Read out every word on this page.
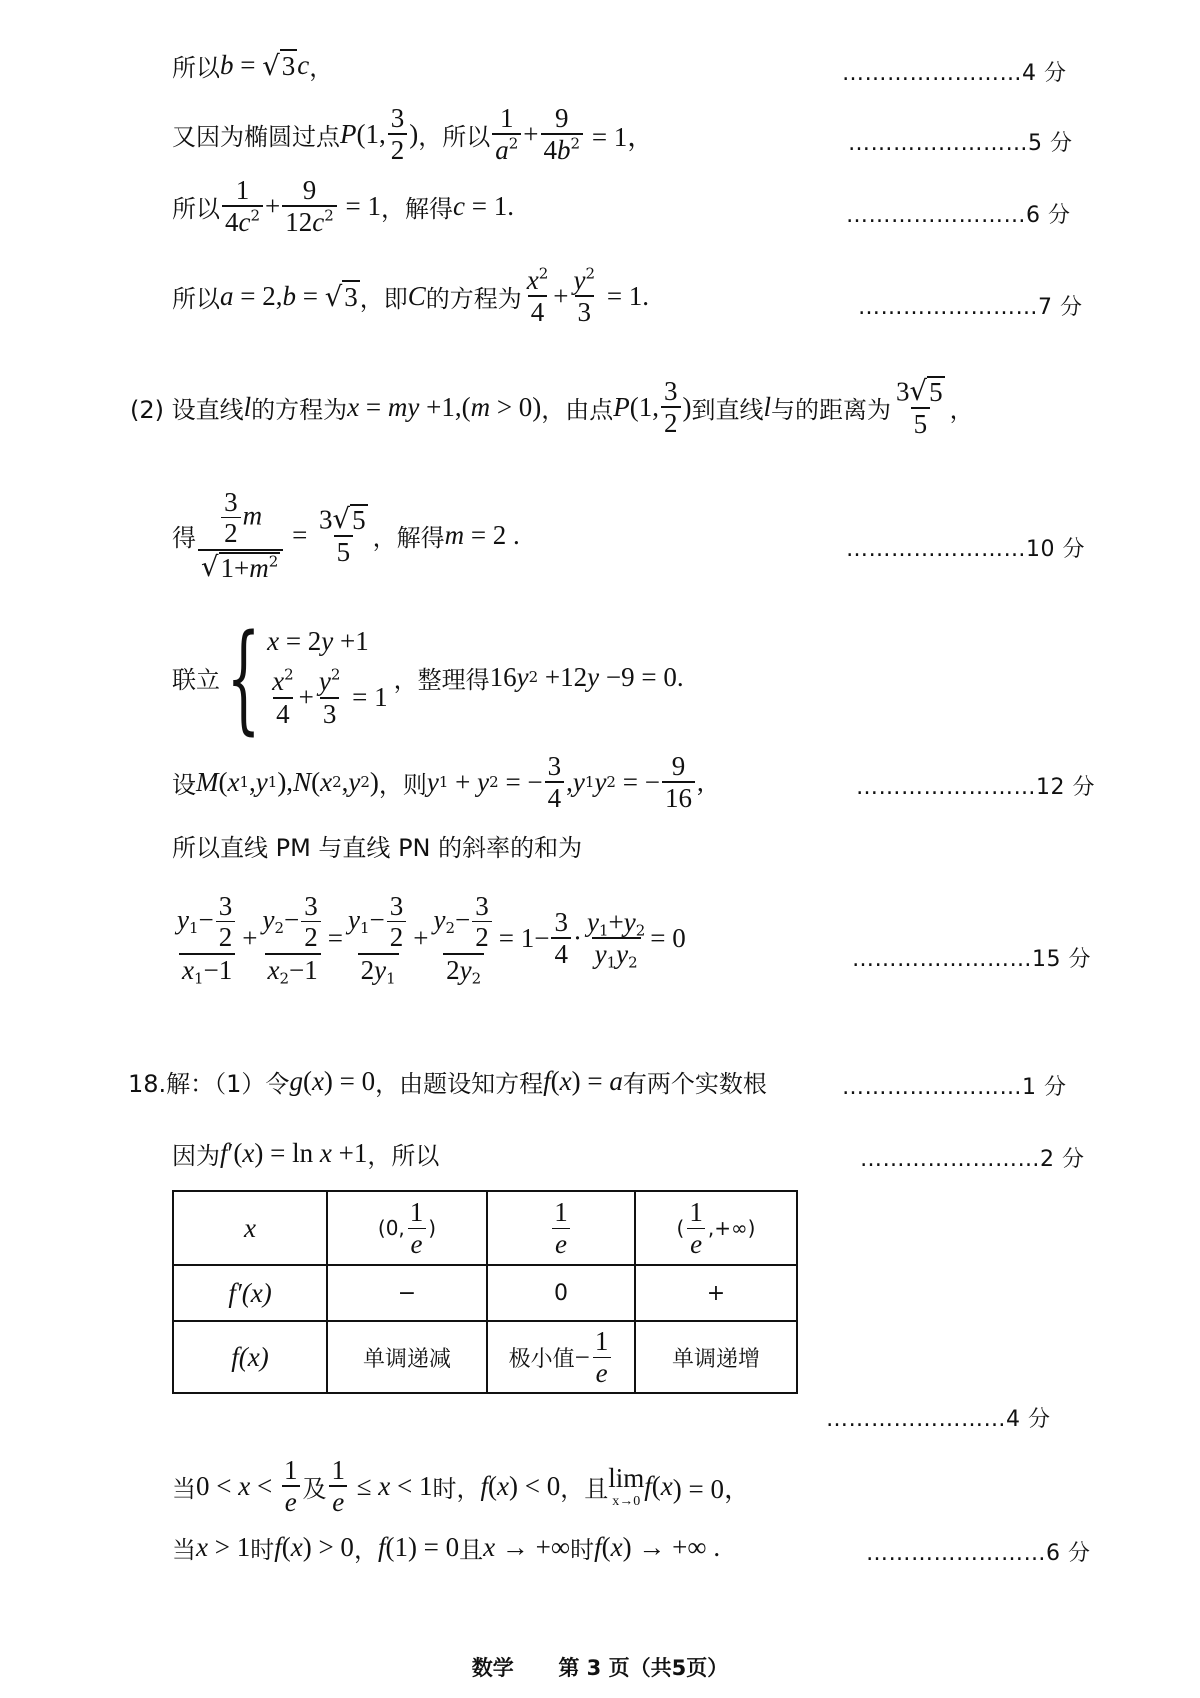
所以 b = √ 3 c ，	……………………4 分
又因为椭圆过点 P (1, $\frac{3}{2}$ ) ，所以 $\frac{1}{a^2} + \frac{9}{4b^2} = 1$，	……………………5 分
所以 $\frac{1}{4c^2} + \frac{9}{12c^2} = 1$ ，解得 c = 1.	……………………6 分
所以 a = 2, b = √ 3 ，即 C 的方程为 $\frac{x^2}{4} + \frac{y^2}{3} = 1$.	……………………7 分
(2) 设直线 l 的方程为 x = my +1,( m > 0) ，由点 P (1, $\frac{3}{2}$ ) 到直线 l 与的距离为 $\frac{3 √ 5}{5}$ ，
得 $\frac{\frac{3}{2} m}{√ 1+m^2} = \frac{3 √ 5}{5}$ ，解得 m = 2 .	……………………10 分
联立 { x = 2y +1
$\frac{x^2}{4} + \frac{y^2}{3} = 1$
，整理得 16 y 2 +12 y −9 = 0.
设 M ( x 1 , y 1 ), N ( x 2 , y 2 ) ，则 y 1 + y 2 = − $\frac{3}{4}$ , y 1 y 2 = − $\frac{9}{16}$ ,	……………………12 分
所以直线 PM 与直线 PN 的斜率的和为
$\frac{y_1- \frac{3}{2}}{x_1-1} + \frac{y_2- \frac{3}{2}}{x_2-1} = \frac{y_1- \frac{3}{2}}{2y_1} + \frac{y_2- \frac{3}{2}}{2y_2} = 1- \frac{3}{4} \cdot \frac{y_1+y_2}{y_1y_2} = 0$
……………………15 分
18.解：（1）令 g ( x ) = 0 ，由题设知方程 f ( x ) = a 有两个实数根	……………………1 分
因为 f ′( x ) = ln x +1 ，所以	……………………2 分
x	(0, $\frac{1}{e}$ )	$\frac{1}{e}$	( $\frac{1}{e}$ ,+∞)
f′(x)	−	0	+
f(x)	单调递减	极小值 − $\frac{1}{e}$	单调递增
……………………4 分
当 $0 < x < \frac{1}{e}$ 及 $\frac{1}{e} \le x < 1$ 时， f ( x ) < 0 ，且 lim
x→0
f ( x ) = 0，
当 x > 1 时 f ( x ) > 0 ， f (1) = 0 且 x → +∞ 时 f ( x ) → +∞ .	……………………6 分
数学 第 3 页（共5页）
